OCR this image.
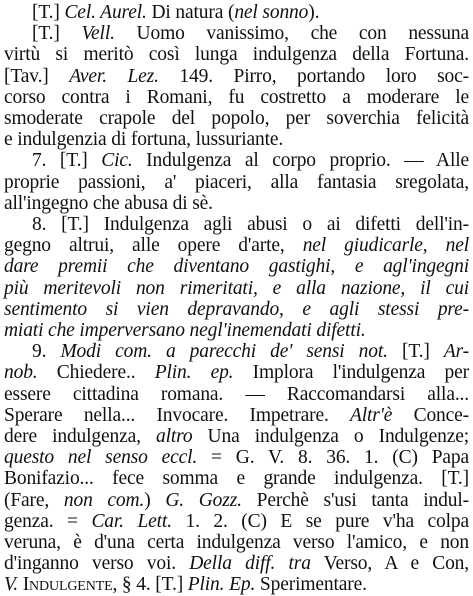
[T.] Cel. Aurel. Di natura (nel sonno).
[T.] Vell. Uomo vanissimo, che con nessuna
virtù si meritò così lunga indulgenza della Fortuna.
[Tav.] Aver. Lez. 149. Pirro, portando loro soc-
corso contra i Romani, fu costretto a moderare le
smoderate crapole del popolo, per soverchia felicità
e indulgenzia di fortuna, lussuriante.
7. [T.] Cic. Indulgenza al corpo proprio. — Alle
proprie passioni, a' piaceri, alla fantasia sregolata,
all'ingegno che abusa di sè.
8. [T.] Indulgenza agli abusi o ai difetti dell'in-
gegno altrui, alle opere d'arte, nel giudicarle, nel
dare premii che diventano gastighi, e agl'ingegni
più meritevoli non rimeritati, e alla nazione, il cui
sentimento si vien depravando, e agli stessi pre-
miati che imperversano negl'inemendati difetti.
9. Modi com. a parecchi de' sensi not. [T.] Ar-
nob. Chiedere.. Plin. ep. Implora l'indulgenza per
essere cittadina romana. — Raccomandarsi alla...
Sperare nella... Invocare. Impetrare. Altr'è Conce-
dere indulgenza, altro Una indulgenza o Indulgenze;
questo nel senso eccl. = G. V. 8. 36. 1. (C) Papa
Bonifazio... fece somma e grande indulgenza. [T.]
(Fare, non com.) G. Gozz. Perchè s'usi tanta indul-
genza. = Car. Lett. 1. 2. (C) E se pure v'ha colpa
veruna, è d'una certa indulgenza verso l'amico, e non
d'inganno verso voi. Della diff. tra Verso, A e Con,
V. Indulgente, § 4. [T.] Plin. Ep. Sperimentare.
